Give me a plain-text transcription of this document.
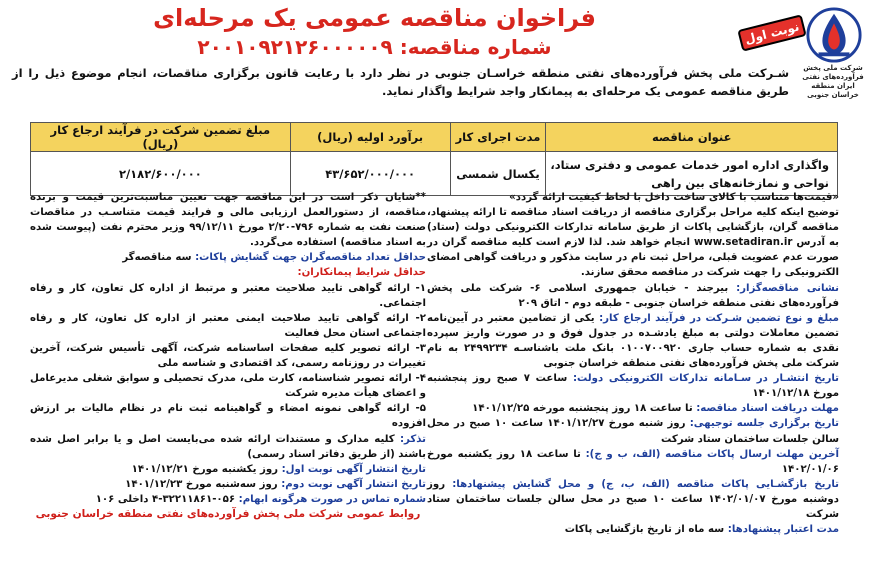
شرکت ملی پخش فرآورده‌های نفتی ایران منطقه خراسان جنوبی
نوبت اول
فراخوان مناقصه عمومی یک مرحله‌ای
شماره مناقصه: ۲۰۰۱۰۹۲۱۲۶۰۰۰۰۰۹
شـرکت ملی پخش فرآورده‌های نفتی منطقه خراسـان جنوبی در نظر دارد با رعایت قانون برگزاری مناقصات، انجام موضوع ذیل را از طریق مناقصه عمومی یک مرحله‌ای به پیمانکار واجد شرایط واگذار نماید.
عنوان مناقصه	مدت اجرای کار	برآورد اولیه (ریال)	مبلغ تضمین شرکت در فرآیند ارجاع کار (ریال)
واگذاری اداره امور خدمات عمومی و دفتری ستاد، نواحی و نمازخانه‌های بین راهی	یکسال شمسی	۴۳/۶۵۲/۰۰۰/۰۰۰	۲/۱۸۲/۶۰۰/۰۰۰
«قیمت‌ها متناسب با کالای ساخت داخل با لحاظ کیفیت ارائه گردد»
توضیح اینکه کلیه مراحل برگزاری مناقصه از دریافت اسناد مناقصه تا ارائه پیشنهاد، مناقصه گران، بازگشایی پاکات از طریق سامانه تدارکات الکترونیکی دولت (ستاد) به آدرس www.setadiran.ir انجام خواهد شد. لذا لازم است کلیه مناقصه گران در صورت عدم عضویت قبلی، مراحل ثبت نام در سایت مذکور و دریافت گواهی امضای الکترونیکی را جهت شرکت در مناقصه محقق سازند.
نشانی مناقصه‌گزار: بیرجند - خیابان جمهوری اسلامی ۶- شرکت ملی پخش فرآورده‌های نفتی منطقه خراسان جنوبی - طبقه دوم - اتاق ۲۰۹
مبلغ و نوع تضمین شـرکت در فرآیند ارجاع کار: یکی از تضامین معتبر در آیین‌نامه تضمین معاملات دولتی به مبلغ یادشـده در جدول فوق و در صورت واریز سپرده نقدی به شماره حساب جاری ۰۱۰۰۷۰۰۹۲۰ بانک ملت باشناسـه ۲۴۹۹۲۳۴ به نام شرکت ملی پخش فرآورده‌های نفتی منطقه خراسان جنوبی
تاریخ انتشـار در سـامانه تدارکات الکترونیکی دولت: ساعت ۷ صبح روز پنجشنبه مورخ ۱۴۰۱/۱۲/۱۸
مهلت دریافت اسناد مناقصه: تا ساعت ۱۸ روز پنجشنبه مورخه ۱۴۰۱/۱۲/۲۵
تاریخ برگزاری جلسه توجیهی: روز شنبه مورخ ۱۴۰۱/۱۲/۲۷ ساعت ۱۰ صبح در محل سالن جلسات ساختمان ستاد شرکت
آخرین مهلت ارسال پاکات مناقصه (الف، ب و ج): تا ساعت ۱۸ روز یکشنبه مورخ ۱۴۰۲/۰۱/۰۶
تاریخ بازگشـایی پاکات مناقصه (الف، ب، ج) و محل گشایش پیشنهادها: روز دوشنبه مورخ ۱۴۰۲/۰۱/۰۷ ساعت ۱۰ صبح در محل سالن جلسات ساختمان ستاد شرکت
مدت اعتبار پیشنهادها: سه ماه از تاریخ بازگشایی پاکات
**شایان ذکر است در این مناقصه جهت تعیین مناسبت‌ترین قیمت و برنده مناقصه، از دستورالعمل ارزیابی مالی و فرایند قیمت متناسـب در مناقصات صنعت نفت به شماره ۷۹۶-۲/۲۰ مورخ ۹۹/۱۲/۱۱ وزیر محترم نفت (پیوست شده به اسناد مناقصه) استفاده می‌گردد.
حداقل تعداد مناقصه‌گران جهت گشایش پاکات: سه مناقصه‌گر
حداقل شرایط پیمانکاران:
۱- ارائه گواهی تایید صلاحیت معتبر و مرتبط از اداره کل تعاون، کار و رفاه اجتماعی.
۲- ارائه گواهی تایید صلاحیت ایمنی معتبر از اداره کل تعاون، کار و رفاه اجتماعی استان محل فعالیت
۳- ارائه تصویر کلیه صفحات اساسنامه شرکت، آگهی تأسیس شرکت، آخرین تغییرات در روزنامه رسمی، کد اقتصادی و شناسه ملی
۴- ارائه تصویر شناسنامه، کارت ملی، مدرک تحصیلی و سوابق شغلی مدیرعامل و اعضای هیأت مدیره شرکت
۵- ارائه گواهی نمونه امضاء و گواهینامه ثبت نام در نظام مالیات بر ارزش افزوده
تذکر: کلیه مدارک و مستندات ارائه شده می‌بایست اصل و یا برابر اصل شده باشند (از طریق دفاتر اسناد رسمی)
تاریخ انتشار آگهی نوبت اول: روز یکشنبه مورخ ۱۴۰۱/۱۲/۲۱
تاریخ انتشار آگهی نوبت دوم: روز سه‌شنبه مورخ ۱۴۰۱/۱۲/۲۳
شماره تماس در صورت هرگونه ابهام: ۰۵۶-۳۲۲۱۱۸۶۱-۴ داخلی ۱۰۶
روابط عمومی شرکت ملی پخش فرآورده‌های نفتی منطقه خراسان جنوبی
